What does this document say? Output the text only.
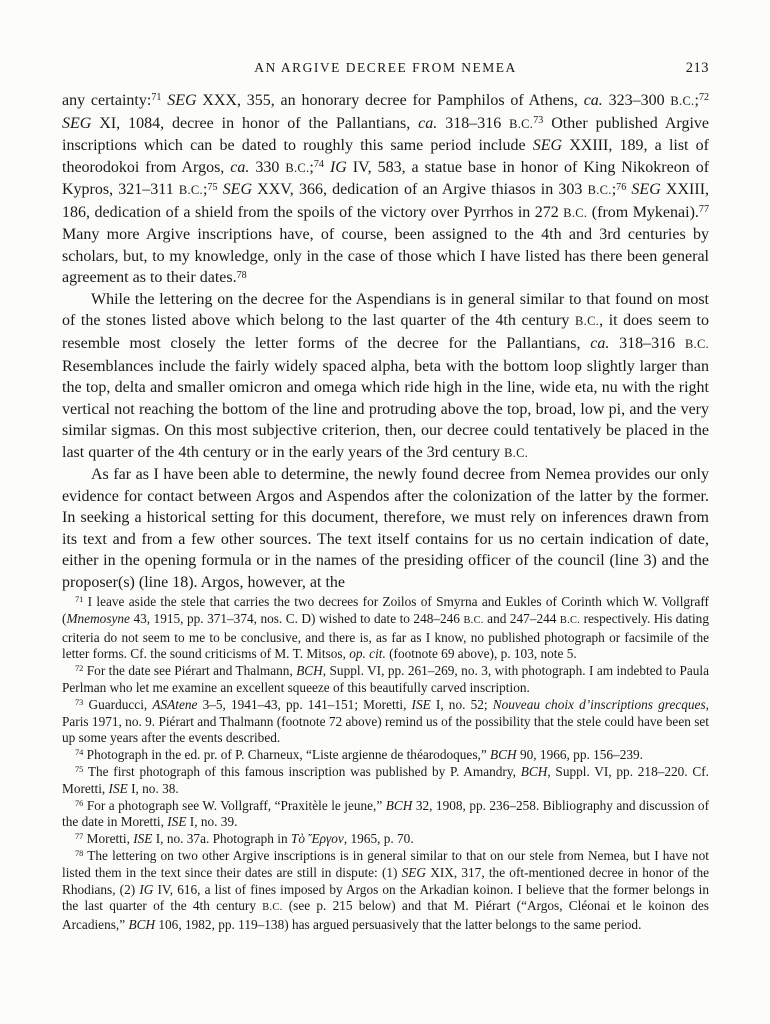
AN ARGIVE DECREE FROM NEMEA	213

any certainty:$^{71}$ SEG XXX, 355, an honorary decree for Pamphilos of Athens, ca. 323–300 B.C.;$^{72}$ SEG XI, 1084, decree in honor of the Pallantians, ca. 318–316 B.C.$^{73}$ Other published Argive inscriptions which can be dated to roughly this same period include SEG XXIII, 189, a list of theorodokoi from Argos, ca. 330 B.C.;$^{74}$ IG IV, 583, a statue base in honor of King Nikokreon of Kypros, 321–311 B.C.;$^{75}$ SEG XXV, 366, dedication of an Argive thiasos in 303 B.C.;$^{76}$ SEG XXIII, 186, dedication of a shield from the spoils of the victory over Pyrrhos in 272 B.C. (from Mykenai).$^{77}$ Many more Argive inscriptions have, of course, been assigned to the 4th and 3rd centuries by scholars, but, to my knowledge, only in the case of those which I have listed has there been general agreement as to their dates.$^{78}$

While the lettering on the decree for the Aspendians is in general similar to that found on most of the stones listed above which belong to the last quarter of the 4th century B.C., it does seem to resemble most closely the letter forms of the decree for the Pallantians, ca. 318–316 B.C. Resemblances include the fairly widely spaced alpha, beta with the bottom loop slightly larger than the top, delta and smaller omicron and omega which ride high in the line, wide eta, nu with the right vertical not reaching the bottom of the line and protruding above the top, broad, low pi, and the very similar sigmas. On this most subjective criterion, then, our decree could tentatively be placed in the last quarter of the 4th century or in the early years of the 3rd century B.C.

As far as I have been able to determine, the newly found decree from Nemea provides our only evidence for contact between Argos and Aspendos after the colonization of the latter by the former. In seeking a historical setting for this document, therefore, we must rely on inferences drawn from its text and from a few other sources. The text itself contains for us no certain indication of date, either in the opening formula or in the names of the presiding officer of the council (line 3) and the proposer(s) (line 18). Argos, however, at the

$^{71}$ I leave aside the stele that carries the two decrees for Zoilos of Smyrna and Eukles of Corinth which W. Vollgraff (Mnemosyne 43, 1915, pp. 371–374, nos. C. D) wished to date to 248–246 B.C. and 247–244 B.C. respectively. His dating criteria do not seem to me to be conclusive, and there is, as far as I know, no published photograph or facsimile of the letter forms. Cf. the sound criticisms of M. T. Mitsos, op. cit. (footnote 69 above), p. 103, note 5.

$^{72}$ For the date see Piérart and Thalmann, BCH, Suppl. VI, pp. 261–269, no. 3, with photograph. I am indebted to Paula Perlman who let me examine an excellent squeeze of this beautifully carved inscription.

$^{73}$ Guarducci, ASAtene 3–5, 1941–43, pp. 141–151; Moretti, ISE I, no. 52; Nouveau choix d’inscriptions grecques, Paris 1971, no. 9. Piérart and Thalmann (footnote 72 above) remind us of the possibility that the stele could have been set up some years after the events described.

$^{74}$ Photograph in the ed. pr. of P. Charneux, “Liste argienne de théarodoques,” BCH 90, 1966, pp. 156–239.

$^{75}$ The first photograph of this famous inscription was published by P. Amandry, BCH, Suppl. VI, pp. 218–220. Cf. Moretti, ISE I, no. 38.

$^{76}$ For a photograph see W. Vollgraff, “Praxitèle le jeune,” BCH 32, 1908, pp. 236–258. Bibliography and discussion of the date in Moretti, ISE I, no. 39.

$^{77}$ Moretti, ISE I, no. 37a. Photograph in Τὸ Ἔργον, 1965, p. 70.

$^{78}$ The lettering on two other Argive inscriptions is in general similar to that on our stele from Nemea, but I have not listed them in the text since their dates are still in dispute: (1) SEG XIX, 317, the oft-mentioned decree in honor of the Rhodians, (2) IG IV, 616, a list of fines imposed by Argos on the Arkadian koinon. I believe that the former belongs in the last quarter of the 4th century B.C. (see p. 215 below) and that M. Piérart (“Argos, Cléonai et le koinon des Arcadiens,” BCH 106, 1982, pp. 119–138) has argued persuasively that the latter belongs to the same period.
